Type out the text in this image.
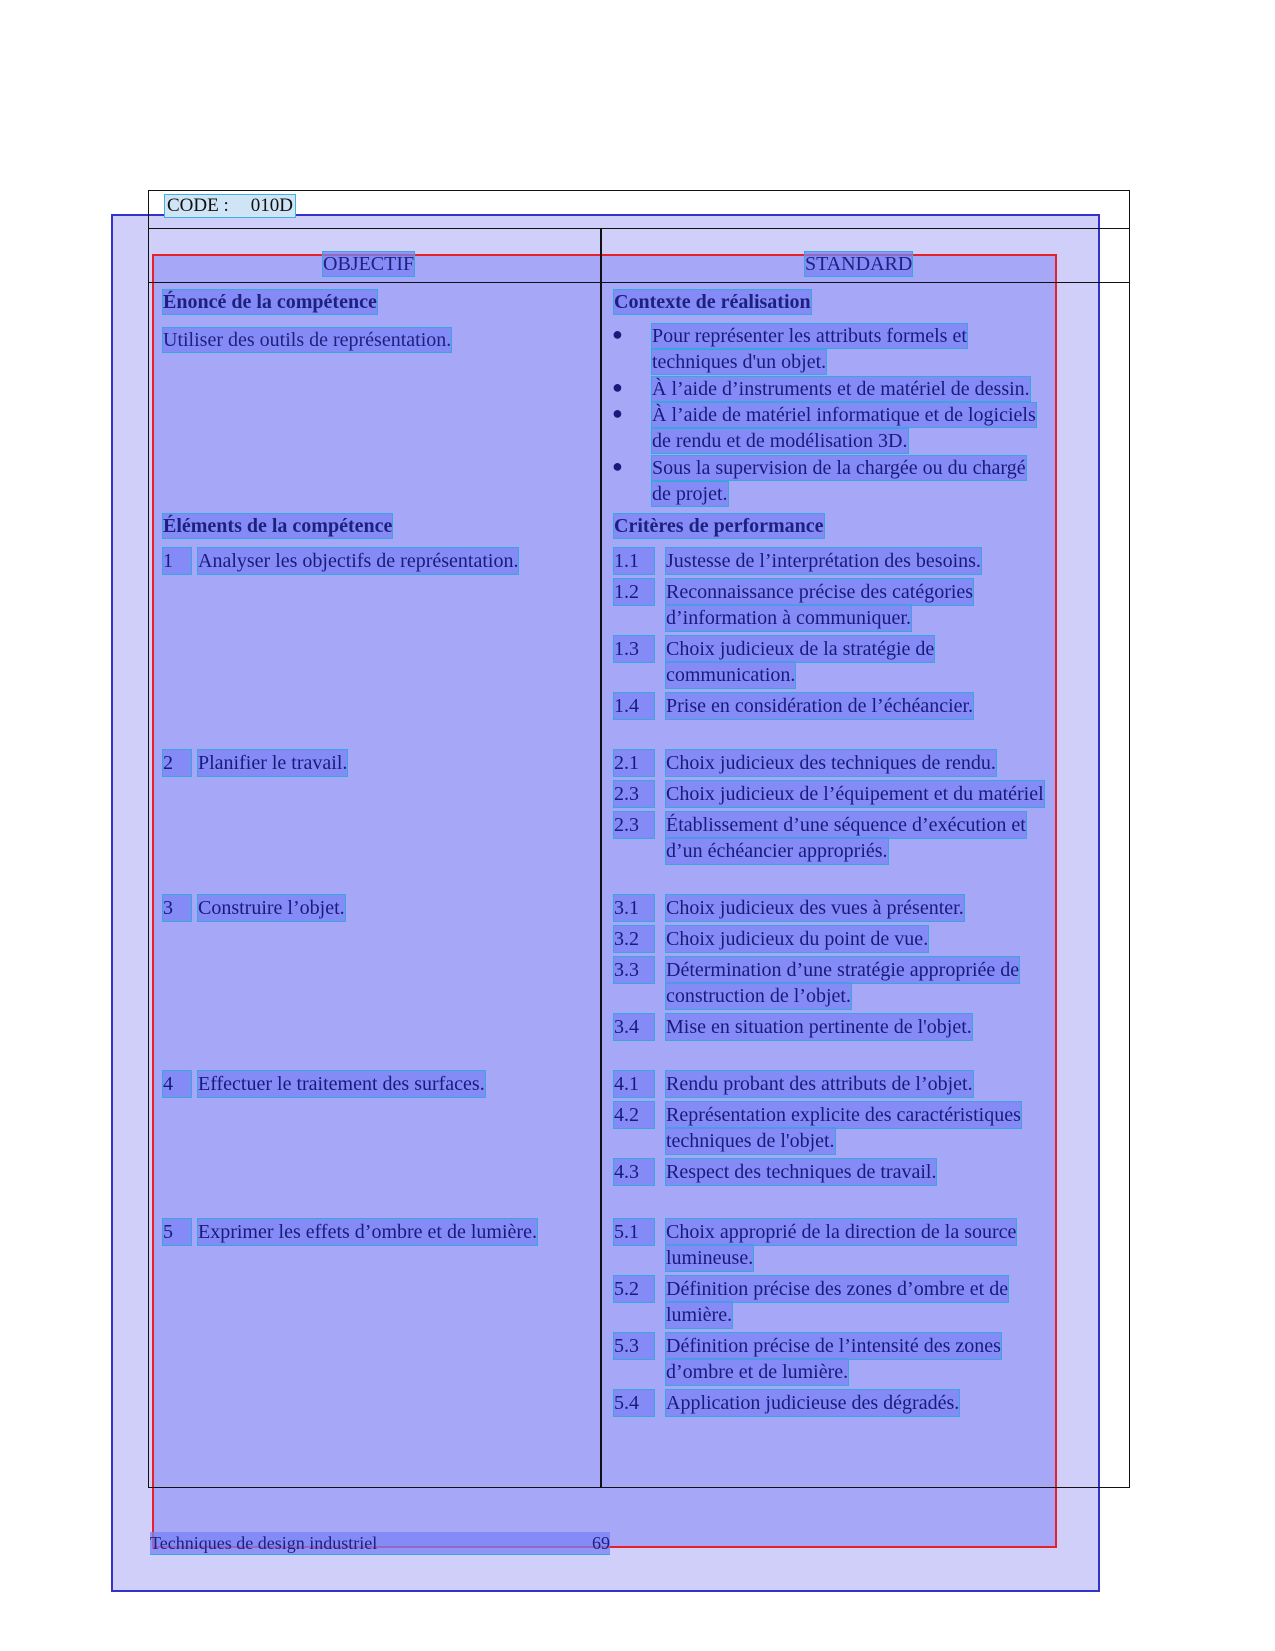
CODE : 010D
OBJECTIF	STANDARD
Énoncé de la compétence
Utiliser des outils de représentation.
Contexte de réalisation
● Pour représenter les attributs formels et
techniques d'un objet.
● À l’aide d’instruments et de matériel de dessin.
● À l’aide de matériel informatique et de logiciels
de rendu et de modélisation 3D.
● Sous la supervision de la chargée ou du chargé
de projet.
Éléments de la compétence	Critères de performance
1	Analyser les objectifs de représentation.	1.1	Justesse de l’interprétation des besoins.
1.2	Reconnaissance précise des catégories
d’information à communiquer.
1.3	Choix judicieux de la stratégie de
communication.
1.4	Prise en considération de l’échéancier.
2	Planifier le travail.	2.1	Choix judicieux des techniques de rendu.
2.3	Choix judicieux de l’équipement et du matériel
2.3	Établissement d’une séquence d’exécution et
d’un échéancier appropriés.
3	Construire l’objet.	3.1	Choix judicieux des vues à présenter.
3.2	Choix judicieux du point de vue.
3.3	Détermination d’une stratégie appropriée de
construction de l’objet.
3.4	Mise en situation pertinente de l'objet.
4	Effectuer le traitement des surfaces.	4.1	Rendu probant des attributs de l’objet.
4.2	Représentation explicite des caractéristiques
techniques de l'objet.
4.3	Respect des techniques de travail.
5	Exprimer les effets d’ombre et de lumière.	5.1	Choix approprié de la direction de la source
lumineuse.
5.2	Définition précise des zones d’ombre et de
lumière.
5.3	Définition précise de l’intensité des zones
d’ombre et de lumière.
5.4	Application judicieuse des dégradés.
Techniques de design industriel	69
